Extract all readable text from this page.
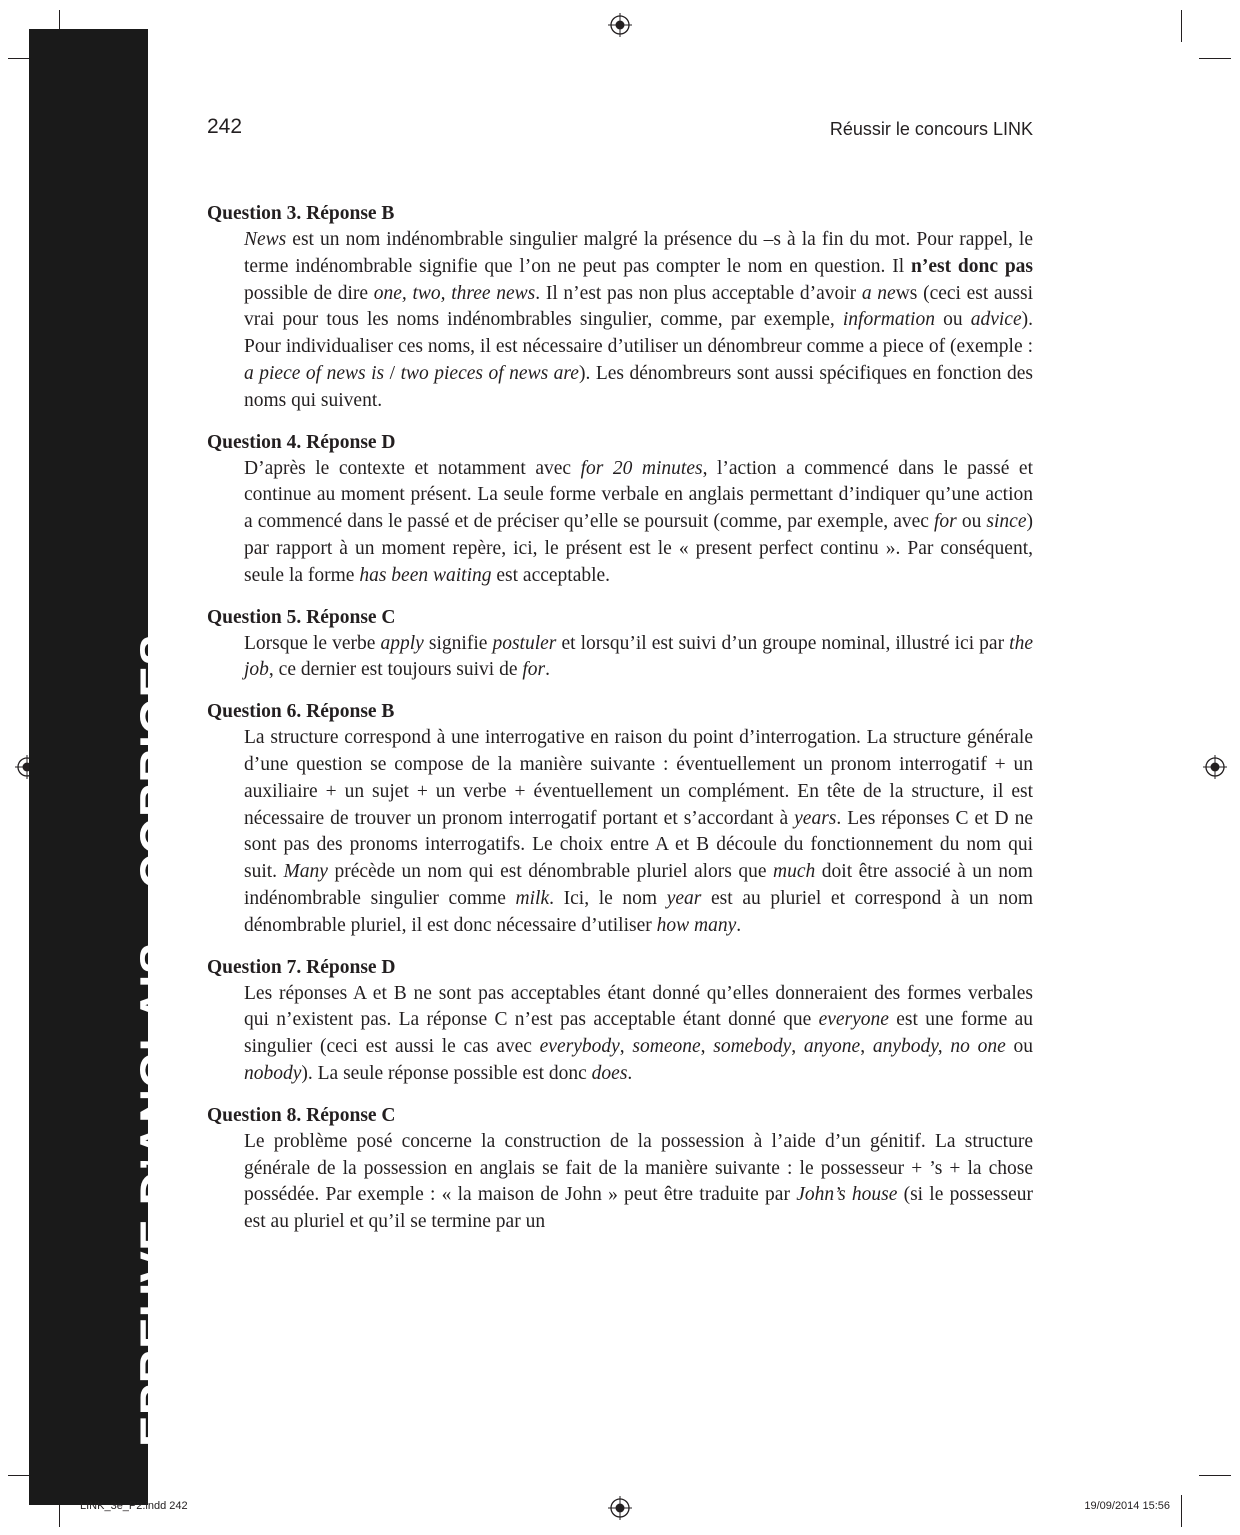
EPREUVE D’ANGLAIS – CORRIGES
242	Réussir le concours LINK

Question 3. Réponse B

News est un nom indénombrable singulier malgré la présence du –s à la fin du mot. Pour rappel, le terme indénombrable signifie que l’on ne peut pas compter le nom en question. Il n’est donc pas possible de dire one, two, three news. Il n’est pas non plus acceptable d’avoir a news (ceci est aussi vrai pour tous les noms indénombrables singulier, comme, par exemple, information ou advice). Pour individualiser ces noms, il est nécessaire d’utiliser un dénombreur comme a piece of (exemple : a piece of news is / two pieces of news are). Les dénombreurs sont aussi spécifiques en fonction des noms qui suivent.

Question 4. Réponse D

D’après le contexte et notamment avec for 20 minutes, l’action a commencé dans le passé et continue au moment présent. La seule forme verbale en anglais permettant d’indiquer qu’une action a commencé dans le passé et de préciser qu’elle se poursuit (comme, par exemple, avec for ou since) par rapport à un moment repère, ici, le présent est le « present perfect continu ». Par conséquent, seule la forme has been waiting est acceptable.

Question 5. Réponse C

Lorsque le verbe apply signifie postuler et lorsqu’il est suivi d’un groupe nominal, illustré ici par the job, ce dernier est toujours suivi de for.

Question 6. Réponse B

La structure correspond à une interrogative en raison du point d’interrogation. La structure générale d’une question se compose de la manière suivante : éventuellement un pronom interrogatif + un auxiliaire + un sujet + un verbe + éventuellement un complément. En tête de la structure, il est nécessaire de trouver un pronom interrogatif portant et s’accordant à years. Les réponses C et D ne sont pas des pronoms interrogatifs. Le choix entre A et B découle du fonctionnement du nom qui suit. Many précède un nom qui est dénombrable pluriel alors que much doit être associé à un nom indénombrable singulier comme milk. Ici, le nom year est au pluriel et correspond à un nom dénombrable pluriel, il est donc nécessaire d’utiliser how many.

Question 7. Réponse D

Les réponses A et B ne sont pas acceptables étant donné qu’elles donneraient des formes verbales qui n’existent pas. La réponse C n’est pas acceptable étant donné que everyone est une forme au singulier (ceci est aussi le cas avec everybody, someone, somebody, anyone, anybody, no one ou nobody). La seule réponse possible est donc does.

Question 8. Réponse C

Le problème posé concerne la construction de la possession à l’aide d’un génitif. La structure générale de la possession en anglais se fait de la manière suivante : le possesseur + ’s + la chose possédée. Par exemple : « la maison de John » peut être traduite par John’s house (si le possesseur est au pluriel et qu’il se termine par un

LINK_3e_P2.indd 242	19/09/2014 15:56
